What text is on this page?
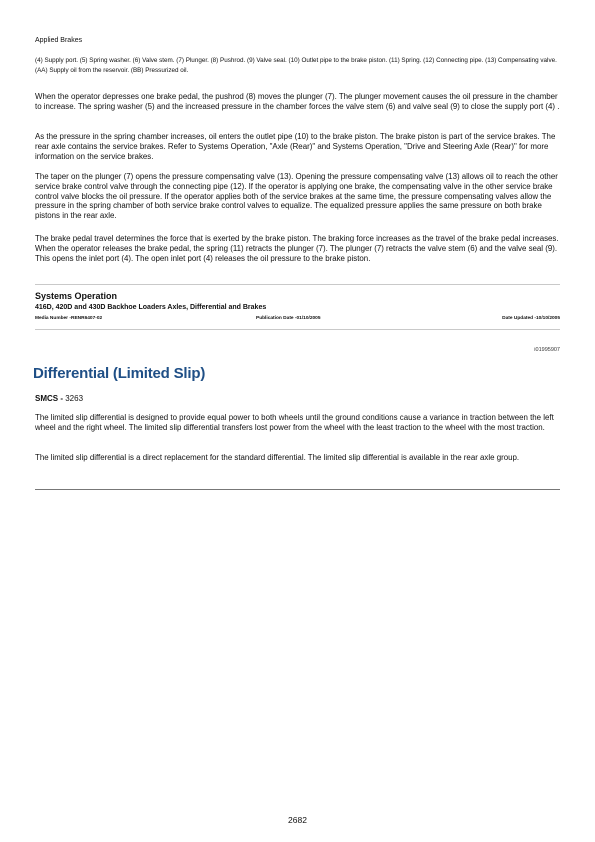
Applied Brakes
(4) Supply port. (5) Spring washer. (6) Valve stem. (7) Plunger. (8) Pushrod. (9) Valve seal. (10) Outlet pipe to the brake piston. (11) Spring. (12) Connecting pipe. (13) Compensating valve. (AA) Supply oil from the reservoir. (BB) Pressurized oil.

When the operator depresses one brake pedal, the pushrod (8) moves the plunger (7). The plunger movement causes the oil pressure in the chamber to increase. The spring washer (5) and the increased pressure in the chamber forces the valve stem (6) and valve seal (9) to close the supply port (4) .

As the pressure in the spring chamber increases, oil enters the outlet pipe (10) to the brake piston. The brake piston is part of the service brakes. The rear axle contains the service brakes. Refer to Systems Operation, "Axle (Rear)" and Systems Operation, "Drive and Steering Axle (Rear)" for more information on the service brakes.

The taper on the plunger (7) opens the pressure compensating valve (13). Opening the pressure compensating valve (13) allows oil to reach the other service brake control valve through the connecting pipe (12). If the operator is applying one brake, the compensating valve in the other service brake control valve blocks the oil pressure. If the operator applies both of the service brakes at the same time, the pressure compensating valves allow the pressure in the spring chamber of both service brake control valves to equalize. The equalized pressure applies the same pressure on both brake pistons in the rear axle.

The brake pedal travel determines the force that is exerted by the brake piston. The braking force increases as the travel of the brake pedal increases. When the operator releases the brake pedal, the spring (11) retracts the plunger (7). The plunger (7) retracts the valve stem (6) and the valve seal (9). This opens the inlet port (4). The open inlet port (4) releases the oil pressure to the brake piston.

Systems Operation
416D, 420D and 430D Backhoe Loaders Axles, Differential and Brakes
Media Number -RENR6407-02	Publication Date -01/10/2005	Date Updated -10/10/2005
i01995907
Differential (Limited Slip)
SMCS - 3263

The limited slip differential is designed to provide equal power to both wheels until the ground conditions cause a variance in traction between the left wheel and the right wheel. The limited slip differential transfers lost power from the wheel with the least traction to the wheel with the most traction.

The limited slip differential is a direct replacement for the standard differential. The limited slip differential is available in the rear axle group.

2682
